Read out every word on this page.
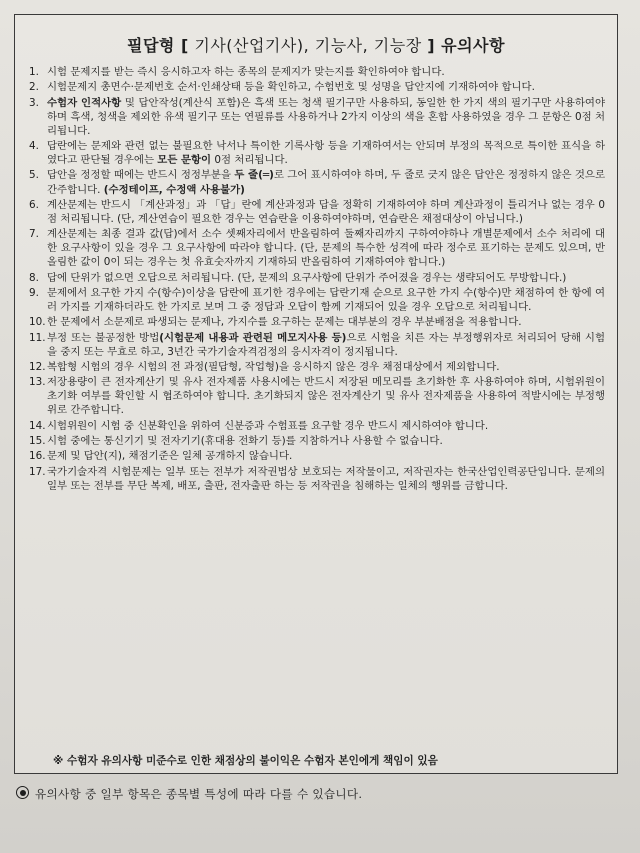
필답형 [ 기사(산업기사), 기능사, 기능장 ] 유의사항
1. 시험 문제지를 받는 즉시 응시하고자 하는 종목의 문제지가 맞는지를 확인하여야 합니다.
2. 시험문제지 총면수·문제번호 순서·인쇄상태 등을 확인하고, 수험번호 및 성명을 답안지에 기재하여야 합니다.
3. 수험자 인적사항 및 답안작성(계산식 포함)은 흑색 또는 청색 필기구만 사용하되, 동일한 한 가지 색의 필기구만 사용하여야 하며 흑색, 청색을 제외한 유색 필기구 또는 연필류를 사용하거나 2가지 이상의 색을 혼합 사용하였을 경우 그 문항은 0점 처리됩니다.
4. 답란에는 문제와 관련 없는 불필요한 낙서나 특이한 기록사항 등을 기재하여서는 안되며 부정의 목적으로 특이한 표식을 하였다고 판단될 경우에는 모든 문항이 0점 처리됩니다.
5. 답안을 정정할 때에는 반드시 정정부분을 두 줄(═)로 그어 표시하여야 하며, 두 줄로 긋지 않은 답안은 정정하지 않은 것으로 간주합니다. (수정테이프, 수정액 사용불가)
6. 계산문제는 반드시 「계산과정」과 「답」란에 계산과정과 답을 정확히 기재하여야 하며 계산과정이 틀리거나 없는 경우 0점 처리됩니다. (단, 계산연습이 필요한 경우는 연습란을 이용하여야하며, 연습란은 채점대상이 아닙니다.)
7. 계산문제는 최종 결과 값(답)에서 소수 셋째자리에서 반올림하여 둘째자리까지 구하여야하나 개별문제에서 소수 처리에 대한 요구사항이 있을 경우 그 요구사항에 따라야 합니다. (단, 문제의 특수한 성격에 따라 정수로 표기하는 문제도 있으며, 반올림한 값이 0이 되는 경우는 첫 유효숫자까지 기재하되 반올림하여 기재하여야 합니다.)
8. 답에 단위가 없으면 오답으로 처리됩니다. (단, 문제의 요구사항에 단위가 주어졌을 경우는 생략되어도 무방합니다.)
9. 문제에서 요구한 가지 수(항수)이상을 답란에 표기한 경우에는 답란기재 순으로 요구한 가지 수(항수)만 채점하여 한 항에 여러 가지를 기재하더라도 한 가지로 보며 그 중 정답과 오답이 함께 기재되어 있을 경우 오답으로 처리됩니다.
10. 한 문제에서 소문제로 파생되는 문제나, 가지수를 요구하는 문제는 대부분의 경우 부분배점을 적용합니다.
11. 부정 또는 불공정한 방법(시험문제 내용과 관련된 메모지사용 등)으로 시험을 치른 자는 부정행위자로 처리되어 당해 시험을 중지 또는 무효로 하고, 3년간 국가기술자격검정의 응시자격이 정지됩니다.
12. 복합형 시험의 경우 시험의 전 과정(필답형, 작업형)을 응시하지 않은 경우 채점대상에서 제외합니다.
13. 저장용량이 큰 전자계산기 및 유사 전자제품 사용시에는 반드시 저장된 메모리를 초기화한 후 사용하여야 하며, 시험위원이 초기화 여부를 확인할 시 협조하여야 합니다. 초기화되지 않은 전자계산기 및 유사 전자제품을 사용하여 적발시에는 부정행위로 간주합니다.
14. 시험위원이 시험 중 신분확인을 위하여 신분증과 수험표를 요구할 경우 반드시 제시하여야 합니다.
15. 시험 중에는 통신기기 및 전자기기(휴대용 전화기 등)를 지참하거나 사용할 수 없습니다.
16. 문제 및 답안(지), 채점기준은 일체 공개하지 않습니다.
17. 국가기술자격 시험문제는 일부 또는 전부가 저작권법상 보호되는 저작물이고, 저작권자는 한국산업인력공단입니다. 문제의 일부 또는 전부를 무단 복제, 배포, 출판, 전자출판 하는 등 저작권을 침해하는 일체의 행위를 금합니다.
※ 수험자 유의사항 미준수로 인한 채점상의 불이익은 수험자 본인에게 책임이 있음
유의사항 중 일부 항목은 종목별 특성에 따라 다를 수 있습니다.
